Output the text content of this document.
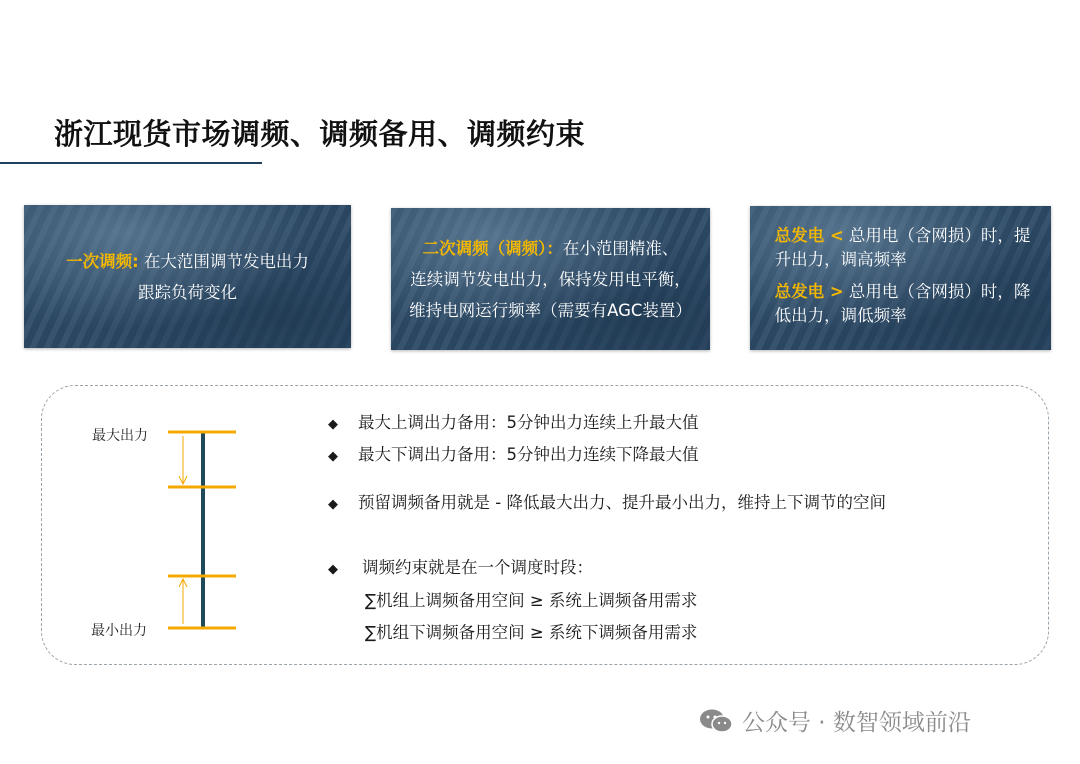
浙江现货市场调频、调频备用、调频约束
一次调频: 在大范围调节发电出力
跟踪负荷变化
二次调频（调频）：在小范围精准、
连续调节发电出力，保持发用电平衡，
维持电网运行频率（需要有AGC装置）
总发电 < 总用电（含网损）时，提
升出力，调高频率
总发电 > 总用电（含网损）时，降
低出力，调低频率
最大出力
最小出力
◆ 最大上调出力备用：5分钟出力连续上升最大值
◆ 最大下调出力备用：5分钟出力连续下降最大值
◆ 预留调频备用就是 - 降低最大出力、提升最小出力，维持上下调节的空间
◆ 调频约束就是在一个调度时段：
∑机组上调频备用空间 ≥ 系统上调频备用需求
∑机组下调频备用空间 ≥ 系统下调频备用需求
公众号 · 数智领域前沿
